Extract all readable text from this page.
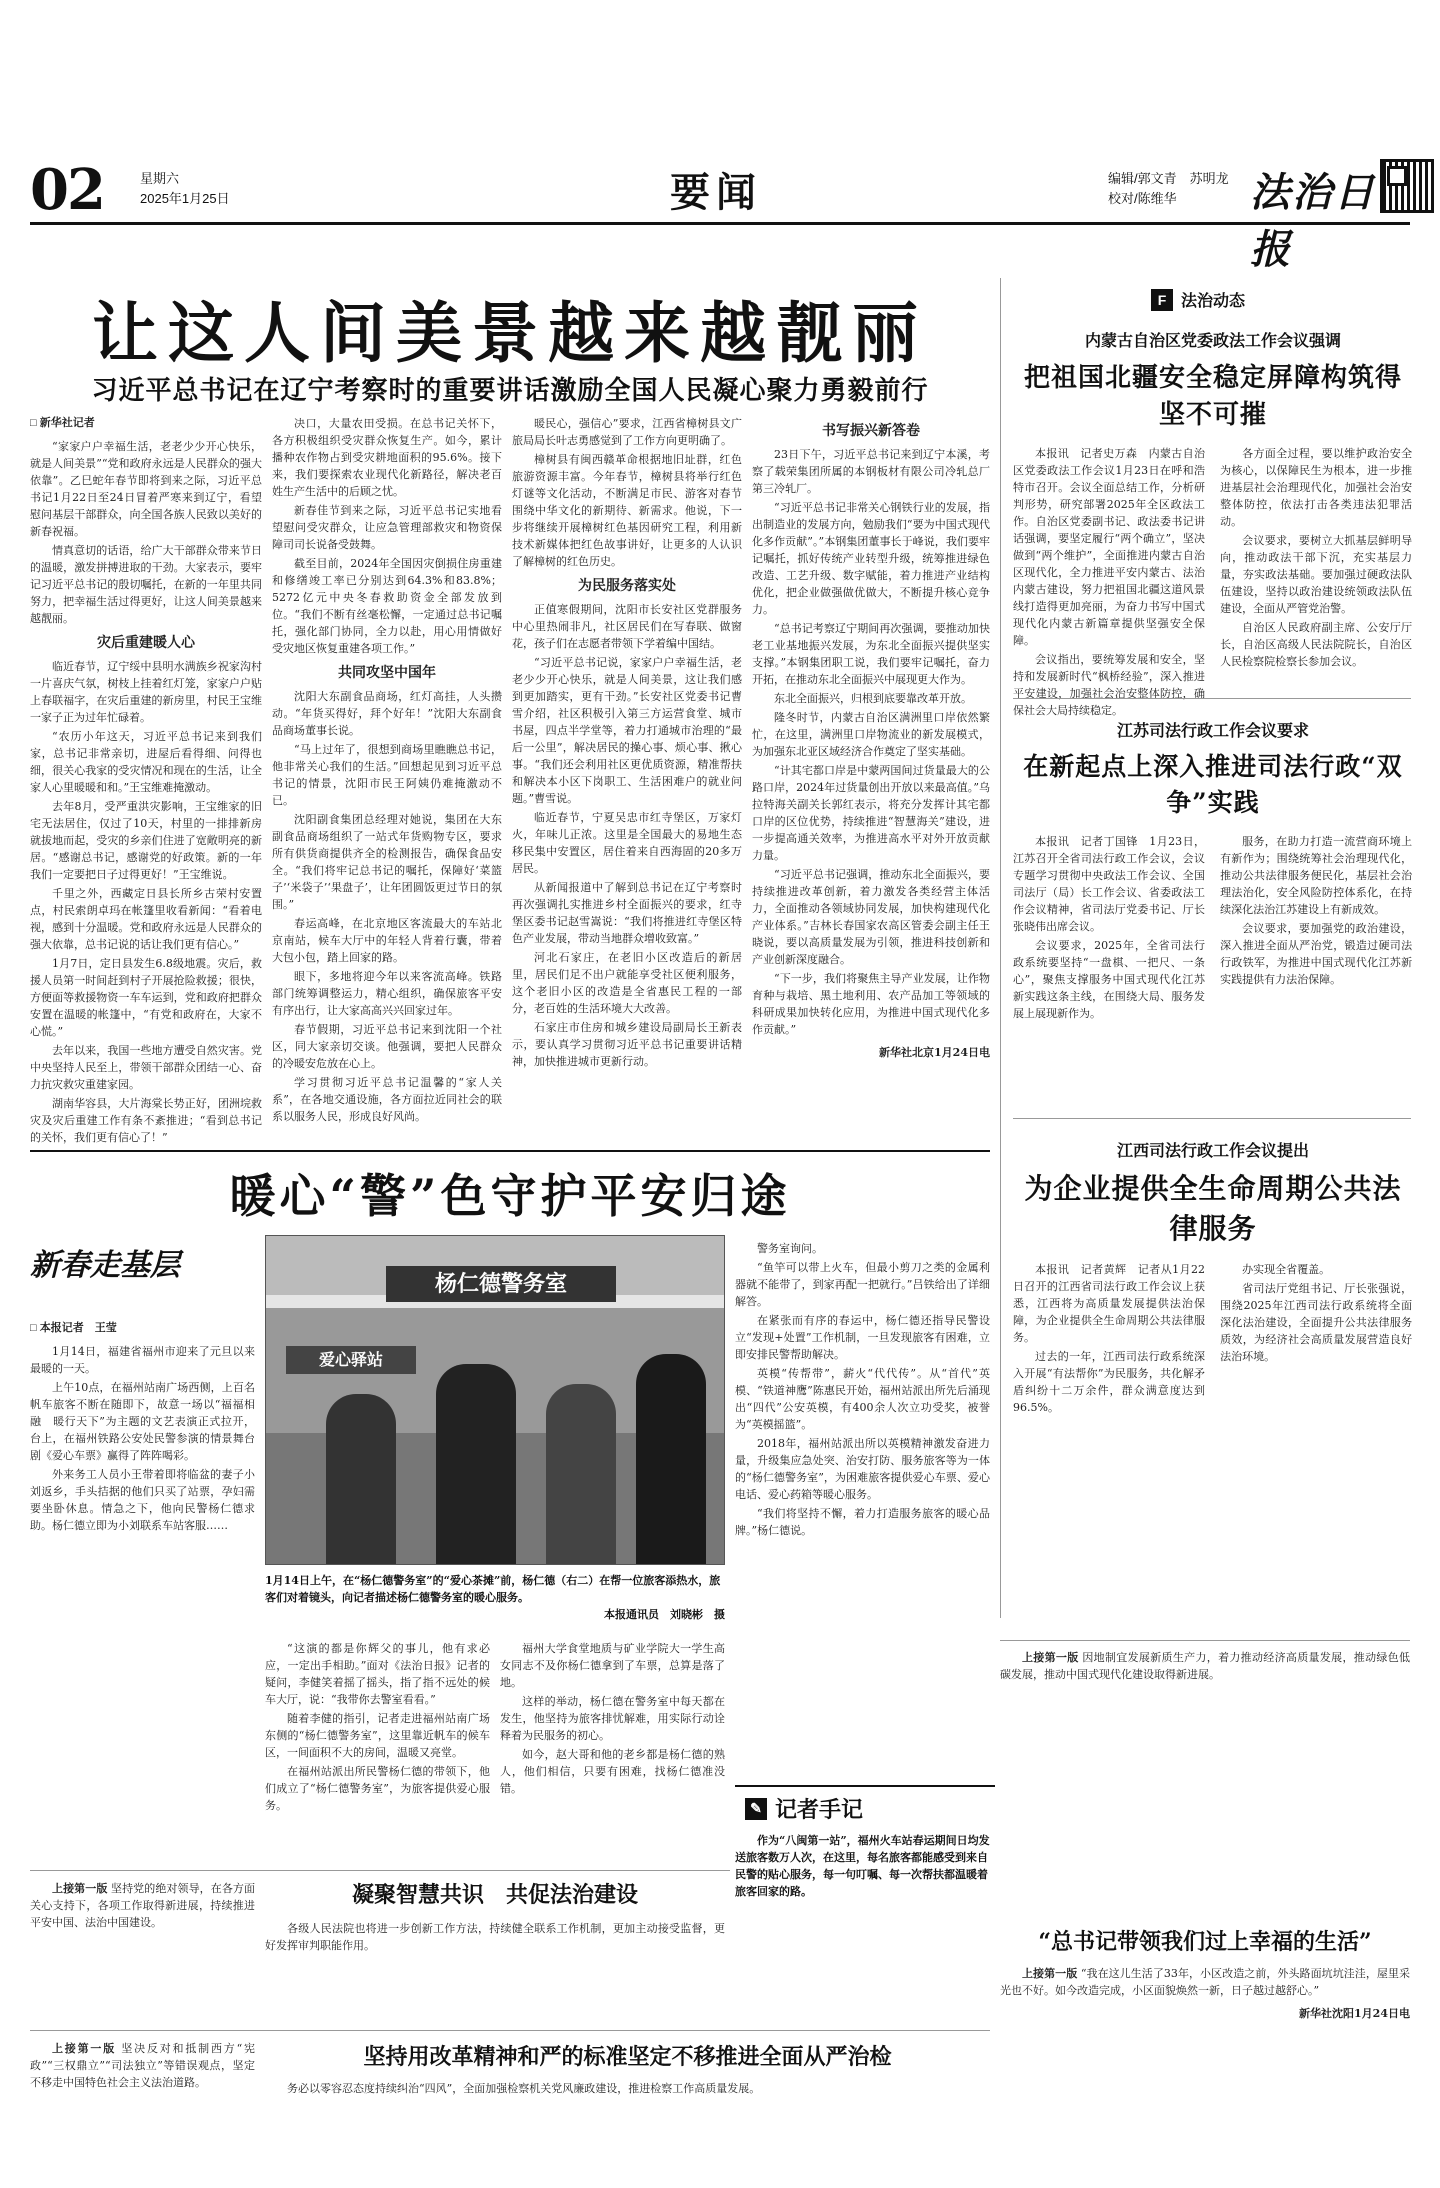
02	星期六
2025年1月25日	要闻	编辑/郭文青　苏明龙
校对/陈维华	法治日报
让这人间美景越来越靓丽
习近平总书记在辽宁考察时的重要讲话激励全国人民凝心聚力勇毅前行
□ 新华社记者
“家家户户幸福生活，老老少少开心快乐，就是人间美景”“党和政府永远是人民群众的强大依靠”。乙巳蛇年春节即将到来之际，习近平总书记1月22日至24日冒着严寒来到辽宁，看望慰问基层干部群众，向全国各族人民致以美好的新春祝福。
情真意切的话语，给广大干部群众带来节日的温暖，激发拼搏进取的干劲。大家表示，要牢记习近平总书记的殷切嘱托，在新的一年里共同努力，把幸福生活过得更好，让这人间美景越来越靓丽。
灾后重建暖人心
临近春节，辽宁绥中县明水满族乡祝家沟村一片喜庆气氛，树枝上挂着红灯笼，家家户户贴上春联福字，在灾后重建的新房里，村民王宝维一家子正为过年忙碌着。
“农历小年这天，习近平总书记来到我们家，总书记非常亲切，进屋后看得细、问得也细，很关心我家的受灾情况和现在的生活，让全家人心里暖暖和和。”王宝维难掩激动。
去年8月，受严重洪灾影响，王宝维家的旧宅无法居住，仅过了10天，村里的一排排新房就拔地而起，受灾的乡亲们住进了宽敞明亮的新居。“感谢总书记，感谢党的好政策。新的一年我们一定要把日子过得更好！”王宝维说。
千里之外，西藏定日县长所乡古荣村安置点，村民索朗卓玛在帐篷里收看新闻：“看着电视，感到十分温暖。党和政府永远是人民群众的强大依靠，总书记说的话让我们更有信心。”
1月7日，定日县发生6.8级地震。灾后，救援人员第一时间赶到村子开展抢险救援；很快，方便面等救援物资一车车运到，党和政府把群众安置在温暖的帐篷中，“有党和政府在，大家不心慌。”
去年以来，我国一些地方遭受自然灾害。党中央坚持人民至上，带领干部群众团结一心、奋力抗灾救灾重建家园。
湖南华容县，大片海棠长势正好，团洲垸救灾及灾后重建工作有条不紊推进；“看到总书记的关怀，我们更有信心了！”
决口，大量农田受损。在总书记关怀下，各方积极组织受灾群众恢复生产。如今，累计播种农作物占到受灾耕地面积的95.6%。接下来，我们要探索农业现代化新路径，解决老百姓生产生活中的后顾之忧。
新春佳节到来之际，习近平总书记实地看望慰问受灾群众，让应急管理部救灾和物资保障司司长说备受鼓舞。
截至目前，2024年全国因灾倒损住房重建和修缮竣工率已分别达到64.3%和83.8%；5272亿元中央冬春救助资金全部发放到位。“我们不断有丝毫松懈，一定通过总书记嘱托，强化部门协同，全力以赴，用心用情做好受灾地区恢复重建各项工作。”
共同攻坚中国年
沈阳大东副食品商场，红灯高挂，人头攒动。“年货买得好，拜个好年！”沈阳大东副食品商场董事长说。
“马上过年了，很想到商场里瞧瞧总书记，他非常关心我们的生活。”回想起见到习近平总书记的情景，沈阳市民王阿姨仍难掩激动不已。
沈阳副食集团总经理对她说，集团在大东副食品商场组织了一站式年货购物专区，要求所有供货商提供齐全的检测报告，确保食品安全。“我们将牢记总书记的嘱托，保障好‘菜篮子’‘米袋子’‘果盘子’，让年团圆饭更过节日的氛围。”
春运高峰，在北京地区客流最大的车站北京南站，候车大厅中的年轻人背着行囊，带着大包小包，踏上回家的路。
眼下，多地将迎今年以来客流高峰。铁路部门统筹调整运力，精心组织，确保旅客平安有序出行，让大家高高兴兴回家过年。
春节假期，习近平总书记来到沈阳一个社区，同大家亲切交谈。他强调，要把人民群众的冷暖安危放在心上。
学习贯彻习近平总书记温馨的“家人关系”，在各地交通设施，各方面拉近同社会的联系以服务人民，形成良好风尚。
暖民心，强信心”要求，江西省樟树县文广旅局局长叶志勇感觉到了工作方向更明确了。
樟树县有闽西赣革命根据地旧址群，红色旅游资源丰富。今年春节，樟树县将举行红色灯谜等文化活动，不断满足市民、游客对春节围绕中华文化的新期待、新需求。他说，下一步将继续开展樟树红色基因研究工程，利用新技术新媒体把红色故事讲好，让更多的人认识了解樟树的红色历史。
为民服务落实处
正值寒假期间，沈阳市长安社区党群服务中心里热闹非凡，社区居民们在写春联、做窗花，孩子们在志愿者带领下学着编中国结。
“习近平总书记说，家家户户幸福生活，老老少少开心快乐，就是人间美景，这让我们感到更加踏实，更有干劲。”长安社区党委书记曹雪介绍，社区积极引入第三方运营食堂、城市书屋，四点半学堂等，着力打通城市治理的“最后一公里”，解决居民的操心事、烦心事、揪心事。“我们还会利用社区更优质资源，精准帮扶和解决本小区下岗职工、生活困难户的就业问题。”曹雪说。
临近春节，宁夏吴忠市红寺堡区，万家灯火，年味儿正浓。这里是全国最大的易地生态移民集中安置区，居住着来自西海固的20多万居民。
从新闻报道中了解到总书记在辽宁考察时再次强调扎实推进乡村全面振兴的要求，红寺堡区委书记赵雪嵩说：“我们将推进红寺堡区特色产业发展，带动当地群众增收致富。”
河北石家庄，在老旧小区改造后的新居里，居民们足不出户就能享受社区便利服务，这个老旧小区的改造是全省惠民工程的一部分，老百姓的生活环境大大改善。
石家庄市住房和城乡建设局副局长王新表示，要认真学习贯彻习近平总书记重要讲话精神，加快推进城市更新行动。
书写振兴新答卷
23日下午，习近平总书记来到辽宁本溪，考察了载荣集团所属的本钢板材有限公司冷轧总厂第三冷轧厂。
“习近平总书记非常关心钢铁行业的发展，指出制造业的发展方向，勉励我们“要为中国式现代化多作贡献”。”本钢集团董事长于峰说，我们要牢记嘱托，抓好传统产业转型升级，统筹推进绿色改造、工艺升级、数字赋能，着力推进产业结构优化，把企业做强做优做大，不断提升核心竞争力。
“总书记考察辽宁期间再次强调，要推动加快老工业基地振兴发展，为东北全面振兴提供坚实支撑。”本钢集团职工说，我们要牢记嘱托，奋力开拓，在推动东北全面振兴中展现更大作为。
东北全面振兴，归根到底要靠改革开放。
隆冬时节，内蒙古自治区满洲里口岸依然繁忙，在这里，满洲里口岸物流业的新发展模式，为加强东北亚区域经济合作奠定了坚实基础。
“计其宅都口岸是中蒙两国间过货量最大的公路口岸，2024年过货量创出开放以来最高值。”乌拉特海关副关长郭红表示，将充分发挥计其宅都口岸的区位优势，持续推进“智慧海关”建设，进一步提高通关效率，为推进高水平对外开放贡献力量。
“习近平总书记强调，推动东北全面振兴，要持续推进改革创新，着力激发各类经营主体活力，全面推动各领域协同发展，加快构建现代化产业体系。”吉林长春国家农高区管委会副主任王晓说，要以高质量发展为引领，推进科技创新和产业创新深度融合。
“下一步，我们将聚焦主导产业发展，让作物育种与栽培、黑土地利用、农产品加工等领域的科研成果加快转化应用，为推进中国式现代化多作贡献。”
新华社北京1月24日电
F 法治动态
内蒙古自治区党委政法工作会议强调
把祖国北疆安全稳定屏障构筑得坚不可摧
本报讯　记者史万森　内蒙古自治区党委政法工作会议1月23日在呼和浩特市召开。会议全面总结工作，分析研判形势，研究部署2025年全区政法工作。自治区党委副书记、政法委书记讲话强调，要坚定履行“两个确立”，坚决做到“两个维护”，全面推进内蒙古自治区现代化，全力推进平安内蒙古、法治内蒙古建设，努力把祖国北疆这道风景线打造得更加亮丽，为奋力书写中国式现代化内蒙古新篇章提供坚强安全保障。
会议指出，要统筹发展和安全，坚持和发展新时代“枫桥经验”，深入推进平安建设，加强社会治安整体防控，确保社会大局持续稳定。

各方面全过程，要以维护政治安全为核心，以保障民生为根本，进一步推进基层社会治理现代化，加强社会治安整体防控，依法打击各类违法犯罪活动。
会议要求，要树立大抓基层鲜明导向，推动政法干部下沉，充实基层力量，夯实政法基础。要加强过硬政法队伍建设，坚持以政治建设统领政法队伍建设，全面从严管党治警。
自治区人民政府副主席、公安厅厅长，自治区高级人民法院院长，自治区人民检察院检察长参加会议。
江苏司法行政工作会议要求
在新起点上深入推进司法行政“双争”实践
本报讯　记者丁国锋　1月23日，江苏召开全省司法行政工作会议，会议专题学习贯彻中央政法工作会议、全国司法厅（局）长工作会议、省委政法工作会议精神，省司法厅党委书记、厅长张晓伟出席会议。
会议要求，2025年，全省司法行政系统要坚持“一盘棋、一把尺、一条心”，聚焦支撑服务中国式现代化江苏新实践这条主线，在围绕大局、服务发展上展现新作为。

服务，在助力打造一流营商环境上有新作为；围绕统筹社会治理现代化，推动公共法律服务便民化，基层社会治理法治化，安全风险防控体系化，在持续深化法治江苏建设上有新成效。
会议要求，要加强党的政治建设，深入推进全面从严治党，锻造过硬司法行政铁军，为推进中国式现代化江苏新实践提供有力法治保障。
江西司法行政工作会议提出
为企业提供全生命周期公共法律服务
本报讯　记者黄辉　记者从1月22日召开的江西省司法行政工作会议上获悉，江西将为高质量发展提供法治保障，为企业提供全生命周期公共法律服务。
过去的一年，江西司法行政系统深入开展“有法帮你”为民服务，共化解矛盾纠纷十二万余件，群众满意度达到96.5%。

办实现全省覆盖。
省司法厅党组书记、厅长张强说，围绕2025年江西司法行政系统将全面深化法治建设，全面提升公共法律服务质效，为经济社会高质量发展营造良好法治环境。
暖心“警”色守护平安归途
新春走基层
□ 本报记者　王莹
1月14日，福建省福州市迎来了元旦以来最暖的一天。
上午10点，在福州站南广场西侧，上百名帆车旅客不断在随即下，故意一场以“福福相融　暖行天下”为主题的文艺表演正式拉开，台上，在福州铁路公安处民警参演的情景舞台剧《爱心车票》赢得了阵阵喝彩。
外来务工人员小王带着即将临盆的妻子小刘返乡，手头拮据的他们只买了站票，孕妇需要坐卧休息。情急之下，他向民警杨仁德求助。杨仁德立即为小刘联系车站客服……
杨仁德警务室
爱心驿站
1月14日上午，在“杨仁德警务室”的“爱心茶摊”前，杨仁德（右二）在帮一位旅客添热水，旅客们对着镜头，向记者描述杨仁德警务室的暖心服务。
本报通讯员　刘晓彬　摄
“这演的都是你辉父的事儿，他有求必应，一定出手相助。”面对《法治日报》记者的疑问，李健笑着摇了摇头，指了指不远处的候车大厅，说：“我带你去警室看看。”
随着李健的指引，记者走进福州站南广场东侧的“杨仁德警务室”，这里靠近帆车的候车区，一间面积不大的房间，温暖又亮堂。
在福州站派出所民警杨仁德的带领下，他们成立了“杨仁德警务室”，为旅客提供爱心服务。
福州大学食堂地质与矿业学院大一学生高女同志不及你杨仁德拿到了车票，总算是落了地。
这样的举动，杨仁德在警务室中每天都在发生，他坚持为旅客排忧解难，用实际行动诠释着为民服务的初心。
如今，赵大哥和他的老乡都是杨仁德的熟人，他们相信，只要有困难，找杨仁德准没错。
警务室询问。
“鱼竿可以带上火车，但最小剪刀之类的金属利器就不能带了，到家再配一把就行。”吕铁给出了详细解答。
在紧张而有序的春运中，杨仁德还指导民警设立“发现+处置”工作机制，一旦发现旅客有困难，立即安排民警帮助解决。
英模“传帮带”，薪火“代代传”。从“首代”英模、“铁道神鹰”陈惠民开始，福州站派出所先后涌现出“四代”公安英模，有400余人次立功受奖，被誉为“英模摇篮”。
2018年，福州站派出所以英模精神激发奋进力量，升级集应急处突、治安打防、服务旅客等为一体的“杨仁德警务室”，为困难旅客提供爱心车票、爱心电话、爱心药箱等暖心服务。
“我们将坚持不懈，着力打造服务旅客的暖心品牌。”杨仁德说。
✎ 记者手记
作为“八闽第一站”，福州火车站春运期间日均发送旅客数万人次，在这里，每名旅客都能感受到来自民警的贴心服务，每一句叮嘱、每一次帮扶都温暖着旅客回家的路。
上接第一版 因地制宜发展新质生产力，着力推动经济高质量发展，推动绿色低碳发展，推动中国式现代化建设取得新进展。
“总书记带领我们过上幸福的生活”
上接第一版 “我在这儿生活了33年，小区改造之前，外头路面坑坑洼洼，屋里采光也不好。如今改造完成，小区面貌焕然一新，日子越过越舒心。”
新华社沈阳1月24日电
上接第一版 坚持党的绝对领导，在各方面关心支持下，各项工作取得新进展，持续推进平安中国、法治中国建设。
凝聚智慧共识　共促法治建设
各级人民法院也将进一步创新工作方法，持续健全联系工作机制，更加主动接受监督，更好发挥审判职能作用。
上接第一版 坚决反对和抵制西方“宪政”“三权鼎立”“司法独立”等错误观点，坚定不移走中国特色社会主义法治道路。
坚持用改革精神和严的标准坚定不移推进全面从严治检
务必以零容忍态度持续纠治“四风”，全面加强检察机关党风廉政建设，推进检察工作高质量发展。
